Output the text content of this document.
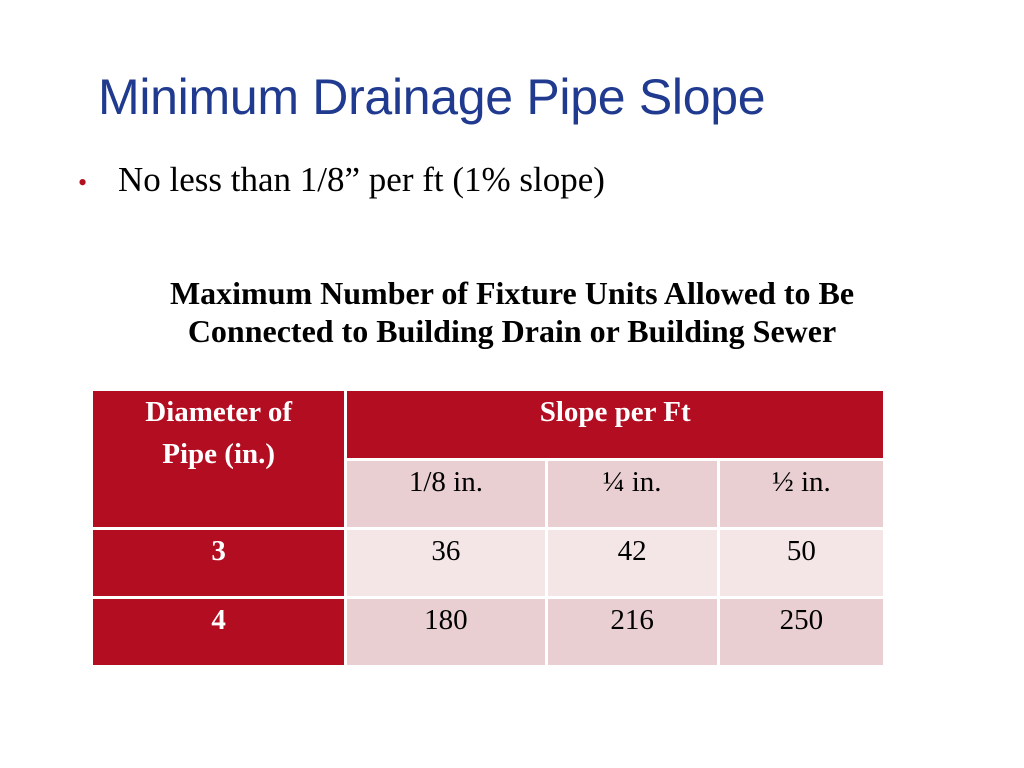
Minimum Drainage Pipe Slope
• No less than 1/8” per ft (1% slope)
Maximum Number of Fixture Units Allowed to Be
Connected to Building Drain or Building Sewer
Diameter of
Pipe (in.)	Slope per Ft		
	1/8 in.	¼ in.	½ in.
3	36	42	50
4	180	216	250
